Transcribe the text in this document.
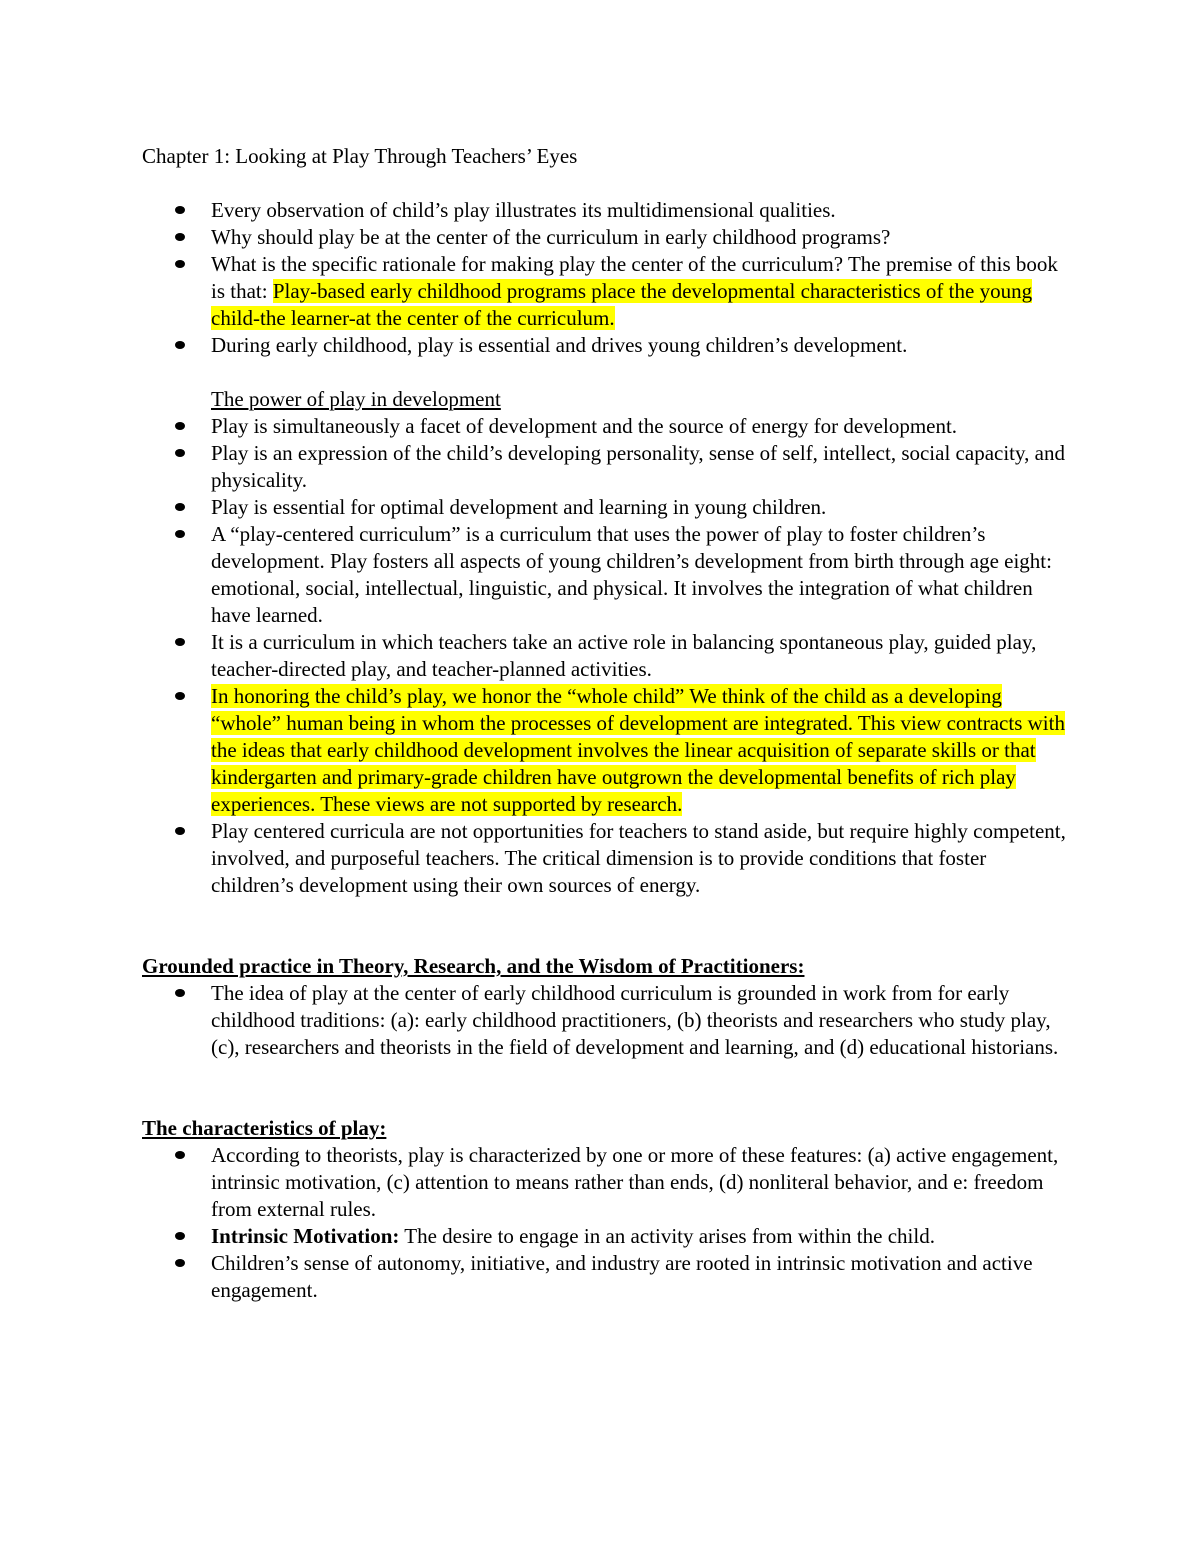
Chapter 1: Looking at Play Through Teachers’ Eyes

Every observation of child’s play illustrates its multidimensional qualities.
Why should play be at the center of the curriculum in early childhood programs?
What is the specific rationale for making play the center of the curriculum? The premise of this book is that: Play-based early childhood programs place the developmental characteristics of the young child-the learner-at the center of the curriculum.
During early childhood, play is essential and drives young children’s development.
The power of play in development
Play is simultaneously a facet of development and the source of energy for development.
Play is an expression of the child’s developing personality, sense of self, intellect, social capacity, and physicality.
Play is essential for optimal development and learning in young children.
A “play-centered curriculum” is a curriculum that uses the power of play to foster children’s development. Play fosters all aspects of young children’s development from birth through age eight: emotional, social, intellectual, linguistic, and physical. It involves the integration of what children have learned.
It is a curriculum in which teachers take an active role in balancing spontaneous play, guided play, teacher-directed play, and teacher-planned activities.
In honoring the child’s play, we honor the “whole child” We think of the child as a developing “whole” human being in whom the processes of development are integrated. This view contracts with the ideas that early childhood development involves the linear acquisition of separate skills or that kindergarten and primary-grade children have outgrown the developmental benefits of rich play experiences. These views are not supported by research.
Play centered curricula are not opportunities for teachers to stand aside, but require highly competent, involved, and purposeful teachers. The critical dimension is to provide conditions that foster children’s development using their own sources of energy.
Grounded practice in Theory, Research, and the Wisdom of Practitioners:
The idea of play at the center of early childhood curriculum is grounded in work from for early childhood traditions: (a): early childhood practitioners, (b) theorists and researchers who study play, (c), researchers and theorists in the field of development and learning, and (d) educational historians.
The characteristics of play:
According to theorists, play is characterized by one or more of these features: (a) active engagement, intrinsic motivation, (c) attention to means rather than ends, (d) nonliteral behavior, and e: freedom from external rules.
Intrinsic Motivation: The desire to engage in an activity arises from within the child.
Children’s sense of autonomy, initiative, and industry are rooted in intrinsic motivation and active engagement.
